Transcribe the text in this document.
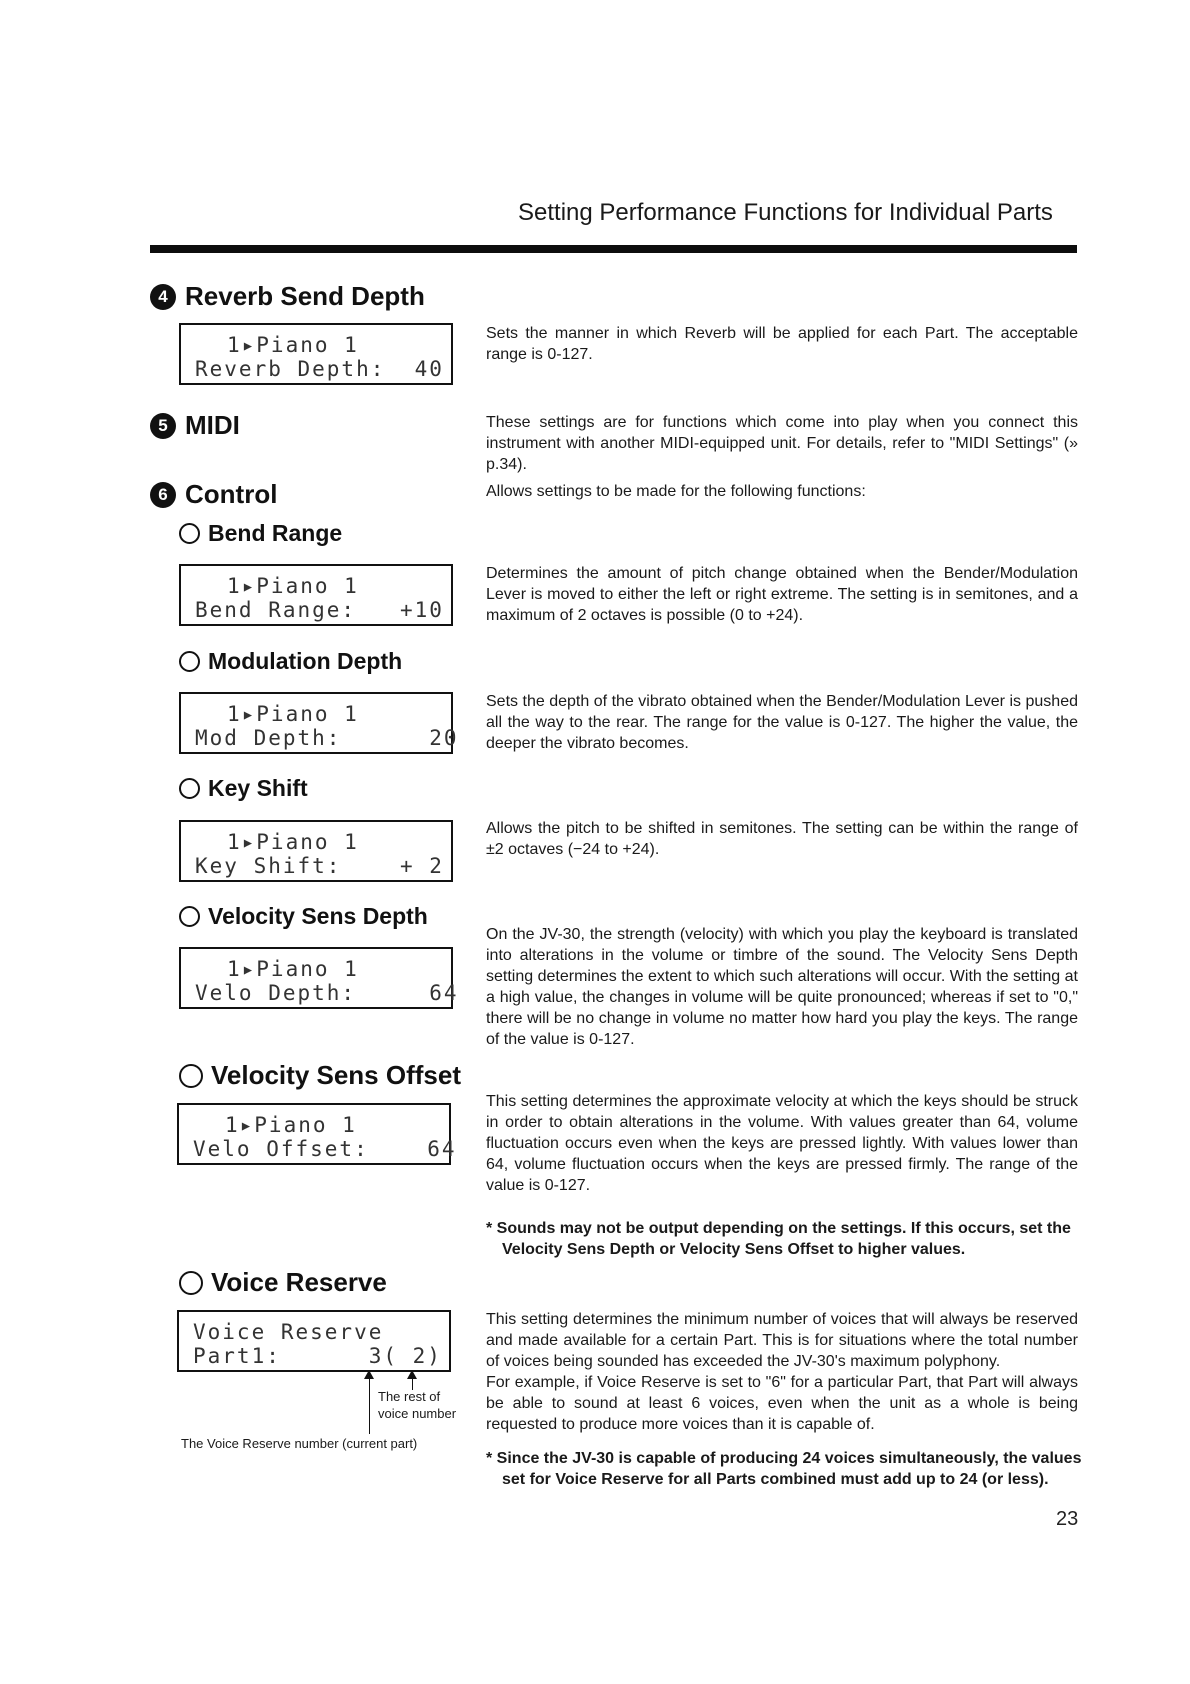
Setting Performance Functions for Individual Parts
4 Reverb Send Depth
1▸Piano 1
Reverb Depth:  40
Sets the manner in which Reverb will be applied for each Part. The acceptable range is 0-127.
5 MIDI	These settings are for functions which come into play when you connect this instrument with another MIDI-equipped unit. For details, refer to "MIDI Settings" (» p.34).
6 Control	Allows settings to be made for the following functions:
Bend Range
1▸Piano 1
Bend Range:   +10
Determines the amount of pitch change obtained when the Bender/Modulation Lever is moved to either the left or right extreme. The setting is in semitones, and a maximum of 2 octaves is possible (0 to +24).
Modulation Depth
1▸Piano 1
Mod Depth:      20
Sets the depth of the vibrato obtained when the Bender/Modulation Lever is pushed all the way to the rear. The range for the value is 0-127. The higher the value, the deeper the vibrato becomes.
Key Shift
1▸Piano 1
Key Shift:    + 2
Allows the pitch to be shifted in semitones. The setting can be within the range of ±2 octaves (−24 to +24).
Velocity Sens Depth
1▸Piano 1
Velo Depth:     64
On the JV-30, the strength (velocity) with which you play the keyboard is translated into alterations in the volume or timbre of the sound. The Velocity Sens Depth setting determines the extent to which such alterations will occur. With the setting at a high value, the changes in volume will be quite pronounced; whereas if set to "0," there will be no change in volume no matter how hard you play the keys. The range of the value is 0-127.
Velocity Sens Offset
1▸Piano 1
Velo Offset:    64
This setting determines the approximate velocity at which the keys should be struck in order to obtain alterations in the volume. With values greater than 64, volume fluctuation occurs even when the keys are pressed lightly. With values lower than 64, volume fluctuation occurs when the keys are pressed firmly. The range of the value is 0-127.
* Sounds may not be output depending on the settings. If this occurs, set the Velocity Sens Depth or Velocity Sens Offset to higher values.
Voice Reserve
Voice Reserve
Part1:      3( 2)
The rest of voice number
The Voice Reserve number (current part)
This setting determines the minimum number of voices that will always be reserved and made available for a certain Part. This is for situations where the total number of voices being sounded has exceeded the JV-30's maximum polyphony.
For example, if Voice Reserve is set to "6" for a particular Part, that Part will always be able to sound at least 6 voices, even when the unit as a whole is being requested to produce more voices than it is capable of.
* Since the JV-30 is capable of producing 24 voices simultaneously, the values set for Voice Reserve for all Parts combined must add up to 24 (or less).
23
